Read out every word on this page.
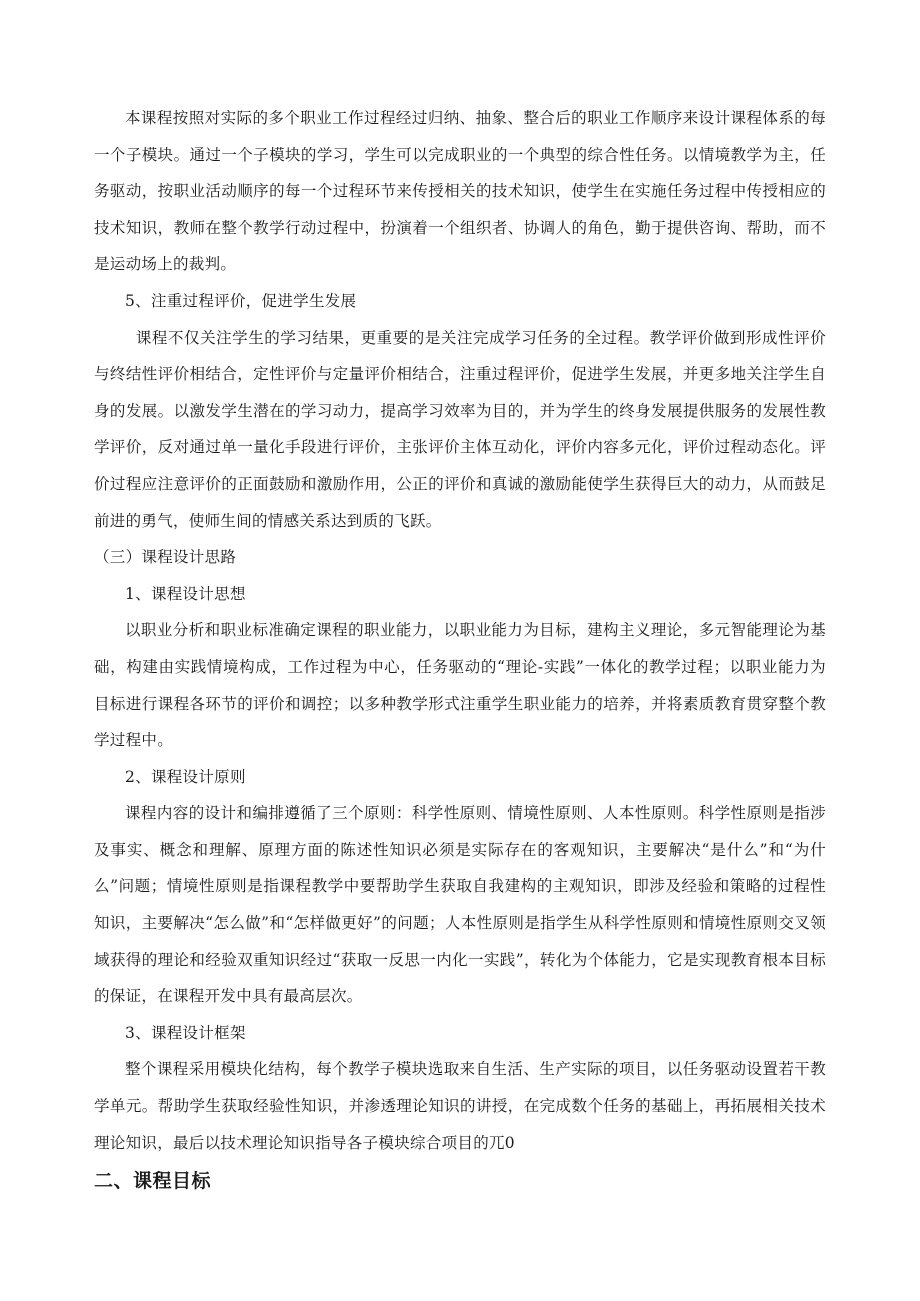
本课程按照对实际的多个职业工作过程经过归纳、抽象、整合后的职业工作顺序来设计课程体系的每一个子模块。通过一个子模块的学习，学生可以完成职业的一个典型的综合性任务。以情境教学为主，任务驱动，按职业活动顺序的每一个过程环节来传授相关的技术知识，使学生在实施任务过程中传授相应的技术知识，教师在整个教学行动过程中，扮演着一个组织者、协调人的角色，勤于提供咨询、帮助，而不是运动场上的裁判。

5、注重过程评价，促进学生发展

课程不仅关注学生的学习结果，更重要的是关注完成学习任务的全过程。教学评价做到形成性评价与终结性评价相结合，定性评价与定量评价相结合，注重过程评价，促进学生发展，并更多地关注学生自身的发展。以激发学生潜在的学习动力，提高学习效率为目的，并为学生的终身发展提供服务的发展性教学评价，反对通过单一量化手段进行评价，主张评价主体互动化，评价内容多元化，评价过程动态化。评价过程应注意评价的正面鼓励和激励作用，公正的评价和真诚的激励能使学生获得巨大的动力，从而鼓足前进的勇气，使师生间的情感关系达到质的飞跃。

（三）课程设计思路

1、课程设计思想

以职业分析和职业标准确定课程的职业能力，以职业能力为目标，建构主义理论，多元智能理论为基础，构建由实践情境构成，工作过程为中心，任务驱动的“理论-实践”一体化的教学过程；以职业能力为目标进行课程各环节的评价和调控；以多种教学形式注重学生职业能力的培养，并将素质教育贯穿整个教学过程中。

2、课程设计原则

课程内容的设计和编排遵循了三个原则：科学性原则、情境性原则、人本性原则。科学性原则是指涉及事实、概念和理解、原理方面的陈述性知识必须是实际存在的客观知识，主要解决“是什么”和“为什么”问题；情境性原则是指课程教学中要帮助学生获取自我建构的主观知识，即涉及经验和策略的过程性知识，主要解决“怎么做”和“怎样做更好”的问题；人本性原则是指学生从科学性原则和情境性原则交叉领域获得的理论和经验双重知识经过“获取一反思一内化一实践”，转化为个体能力，它是实现教育根本目标的保证，在课程开发中具有最高层次。

3、课程设计框架

整个课程采用模块化结构，每个教学子模块选取来自生活、生产实际的项目，以任务驱动设置若干教学单元。帮助学生获取经验性知识，并渗透理论知识的讲授，在完成数个任务的基础上，再拓展相关技术理论知识，最后以技术理论知识指导各子模块综合项目的兀0

二、课程目标
